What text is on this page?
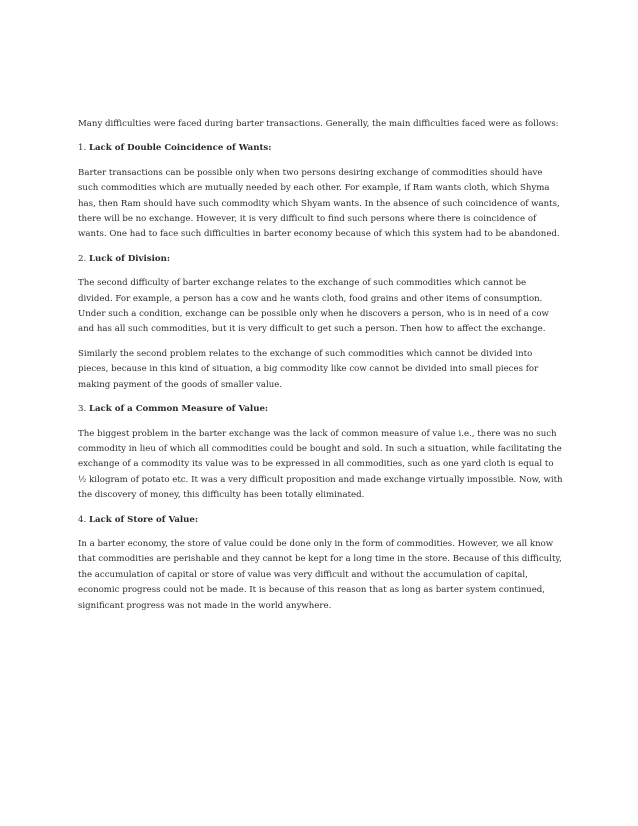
Many difficulties were faced during barter transactions. Generally, the main difficulties faced were as follows:

1. Lack of Double Coincidence of Wants:

Barter transactions can be possible only when two persons desiring exchange of commodities should have such commodities which are mutually needed by each other. For example, if Ram wants cloth, which Shyma has, then Ram should have such commodity which Shyam wants. In the absence of such coincidence of wants, there will be no exchange. However, it is very difficult to find such persons where there is coincidence of wants. One had to face such difficulties in barter economy because of which this system had to be abandoned.

2. Luck of Division:

The second difficulty of barter exchange relates to the exchange of such commodities which cannot be divided. For example, a person has a cow and he wants cloth, food grains and other items of consumption. Under such a condition, exchange can be possible only when he discovers a person, who is in need of a cow and has all such commodities, but it is very difficult to get such a person. Then how to affect the exchange.

Similarly the second problem relates to the exchange of such commodities which cannot be divided into pieces, because in this kind of situation, a big commodity like cow cannot be divided into small pieces for making payment of the goods of smaller value.

3. Lack of a Common Measure of Value:

The biggest problem in the barter exchange was the lack of common measure of value i.e., there was no such commodity in lieu of which all commodities could be bought and sold. In such a situation, while facilitating the exchange of a commodity its value was to be expressed in all commodities, such as one yard cloth is equal to ½ kilogram of potato etc. It was a very difficult proposition and made exchange virtually impossible. Now, with the discovery of money, this difficulty has been totally eliminated.

4. Lack of Store of Value:

In a barter economy, the store of value could be done only in the form of commodities. However, we all know that commodities are perishable and they cannot be kept for a long time in the store. Because of this difficulty, the accumulation of capital or store of value was very difficult and without the accumulation of capital, economic progress could not be made. It is because of this reason that as long as barter system continued, significant progress was not made in the world anywhere.
